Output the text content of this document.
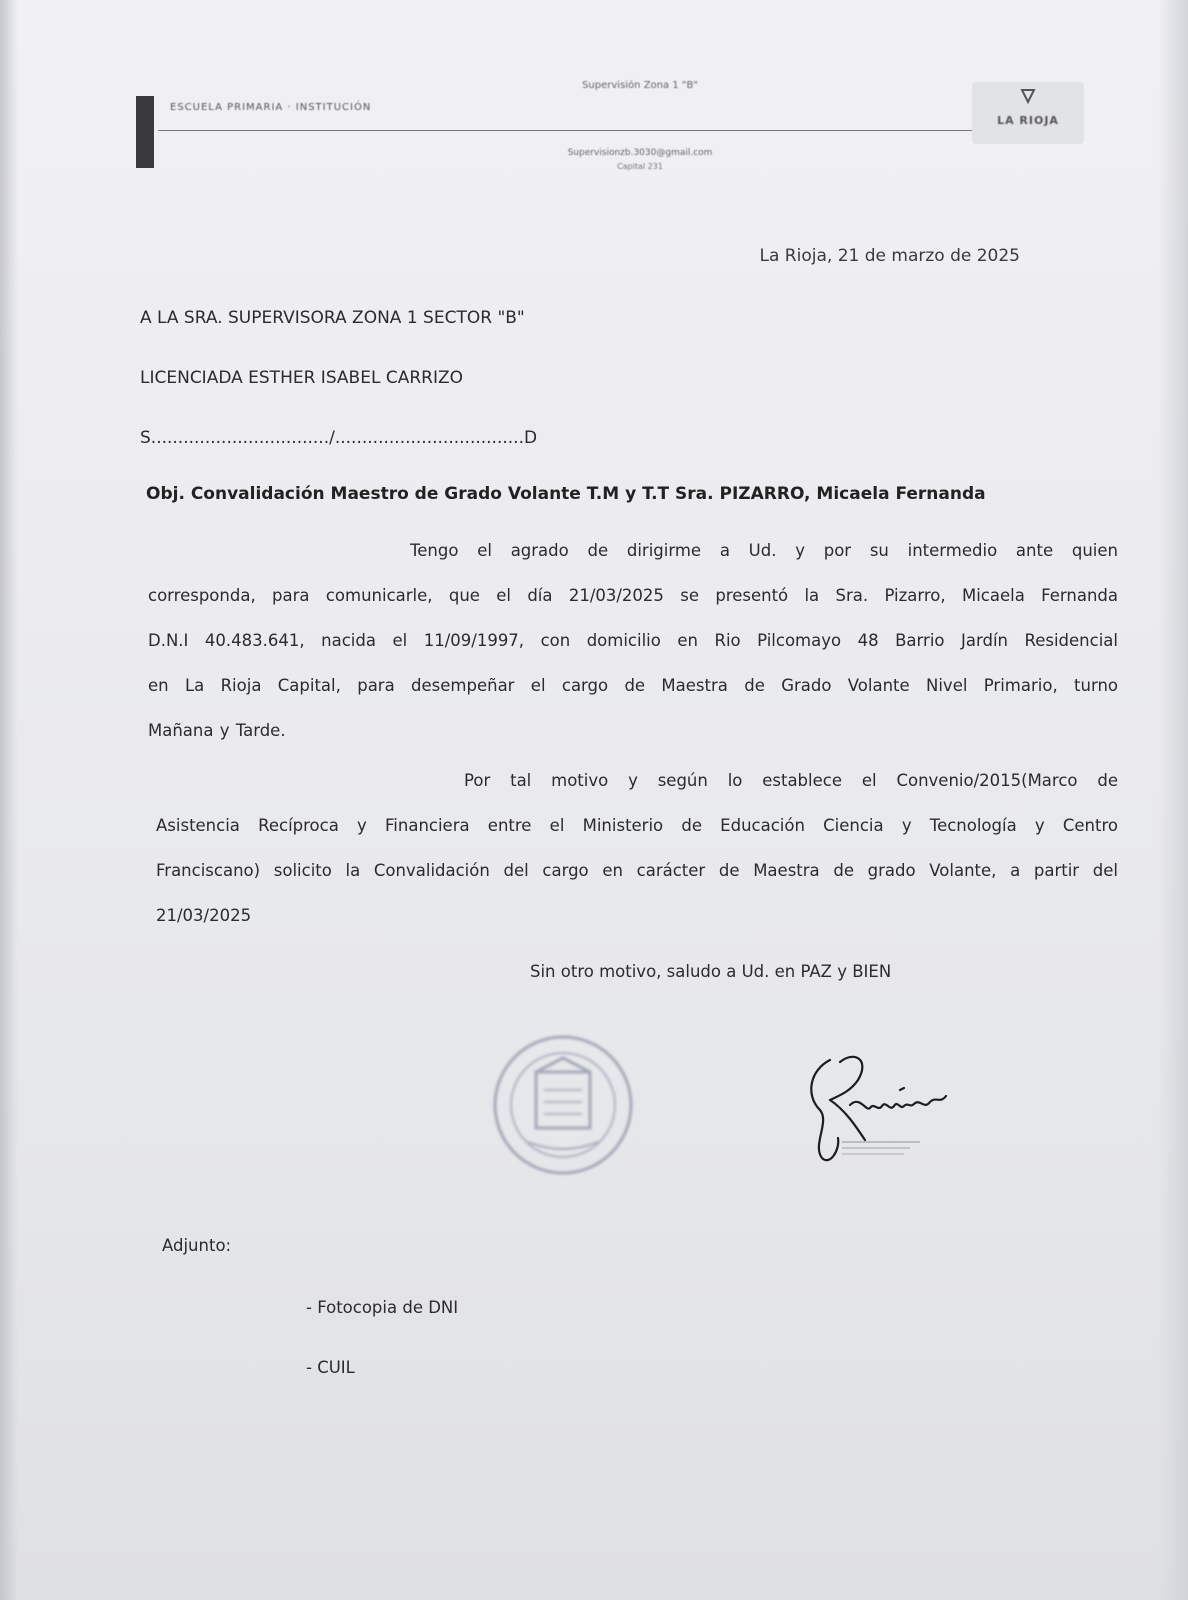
ESCUELA PRIMARIA · INSTITUCIÓN
Supervisión Zona 1 "B"
Supervisionzb.3030@gmail.com
Capital 231
LA RIOJA
La Rioja, 21 de marzo de 2025
A LA SRA. SUPERVISORA ZONA 1 SECTOR "B"
LICENCIADA ESTHER ISABEL CARRIZO
S................................./...................................D
Obj. Convalidación Maestro de Grado Volante T.M y T.T Sra. PIZARRO, Micaela Fernanda
Tengo el agrado de dirigirme a Ud. y por su intermedio ante quien
corresponda, para comunicarle, que el día 21/03/2025 se presentó la Sra. Pizarro, Micaela Fernanda
D.N.I 40.483.641, nacida el 11/09/1997, con domicilio en Rio Pilcomayo 48 Barrio Jardín Residencial
en La Rioja Capital, para desempeñar el cargo de Maestra de Grado Volante Nivel Primario, turno
Mañana y Tarde.
Por tal motivo y según lo establece el Convenio/2015(Marco de
Asistencia Recíproca y Financiera entre el Ministerio de Educación Ciencia y Tecnología y Centro
Franciscano) solicito la Convalidación del cargo en carácter de Maestra de grado Volante, a partir del
21/03/2025
Sin otro motivo, saludo a Ud. en PAZ y BIEN
Adjunto:
- Fotocopia de DNI
- CUIL
